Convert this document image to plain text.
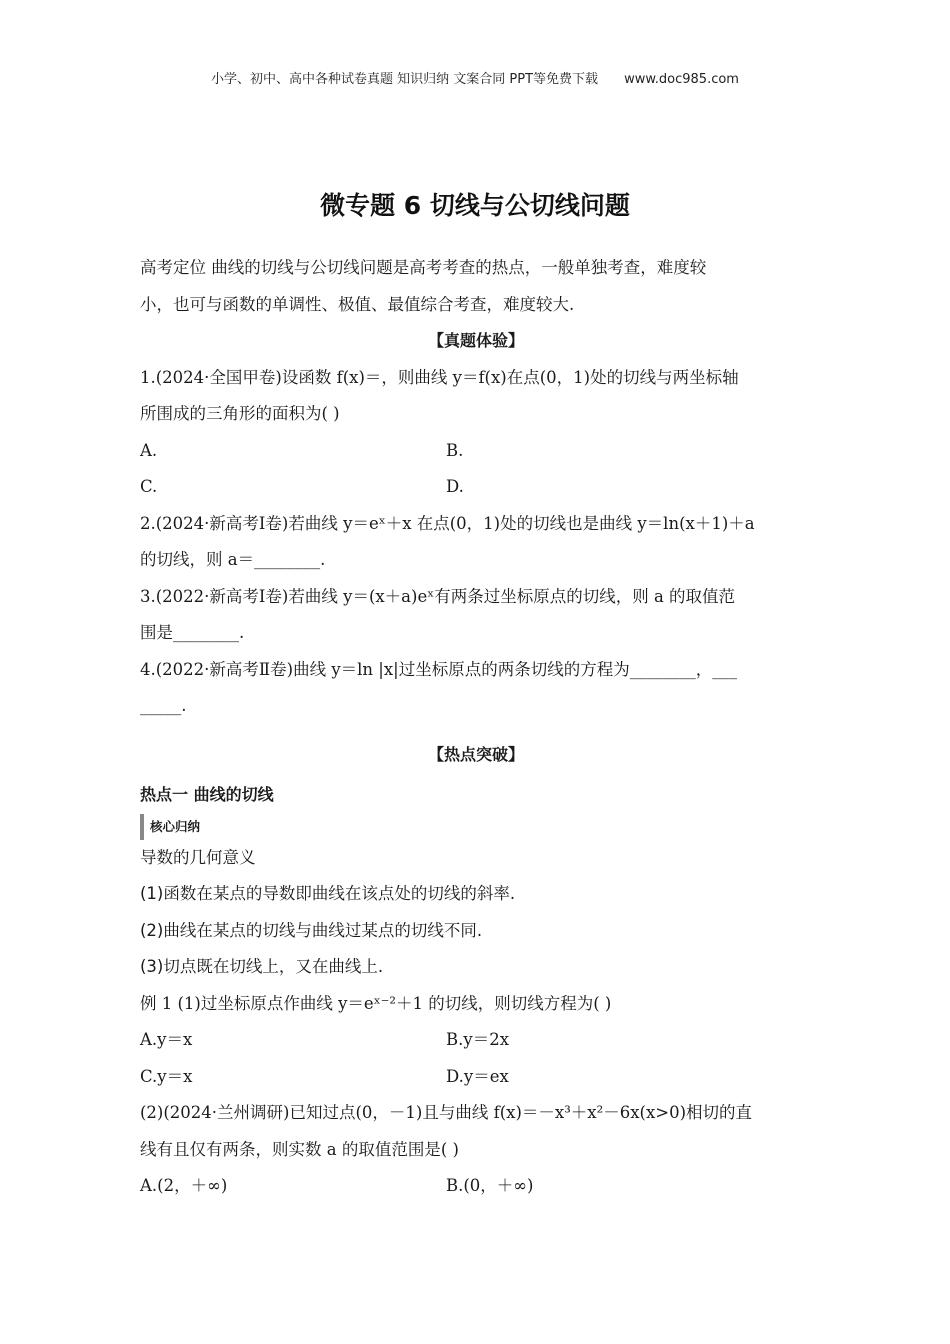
小学、初中、高中各种试卷真题 知识归纳 文案合同 PPT等免费下载 www.doc985.com
微专题 6 切线与公切线问题

高考定位 曲线的切线与公切线问题是高考考查的热点，一般单独考查，难度较

小，也可与函数的单调性、极值、最值综合考查，难度较大.

【真题体验】

1.(2024·全国甲卷)设函数 f(x)＝，则曲线 y＝f(x)在点(0，1)处的切线与两坐标轴

所围成的三角形的面积为( )

A.	B.
C.	D.

2.(2024·新高考Ⅰ卷)若曲线 y＝eˣ＋x 在点(0，1)处的切线也是曲线 y＝ln(x＋1)＋a

的切线，则 a＝________.

3.(2022·新高考Ⅰ卷)若曲线 y＝(x＋a)eˣ有两条过坐标原点的切线，则 a 的取值范

围是________.

4.(2022·新高考Ⅱ卷)曲线 y＝ln |x|过坐标原点的两条切线的方程为________，___

_____.

【热点突破】

热点一 曲线的切线

核心归纳

导数的几何意义

(1)函数在某点的导数即曲线在该点处的切线的斜率.

(2)曲线在某点的切线与曲线过某点的切线不同.

(3)切点既在切线上，又在曲线上.

例 1 (1)过坐标原点作曲线 y＝eˣ⁻²＋1 的切线，则切线方程为( )

A.y＝x	B.y＝2x
C.y＝x	D.y＝ex

(2)(2024·兰州调研)已知过点(0，－1)且与曲线 f(x)＝－x³＋x²－6x(x>0)相切的直

线有且仅有两条，则实数 a 的取值范围是( )

A.(2，＋∞)	B.(0，＋∞)
